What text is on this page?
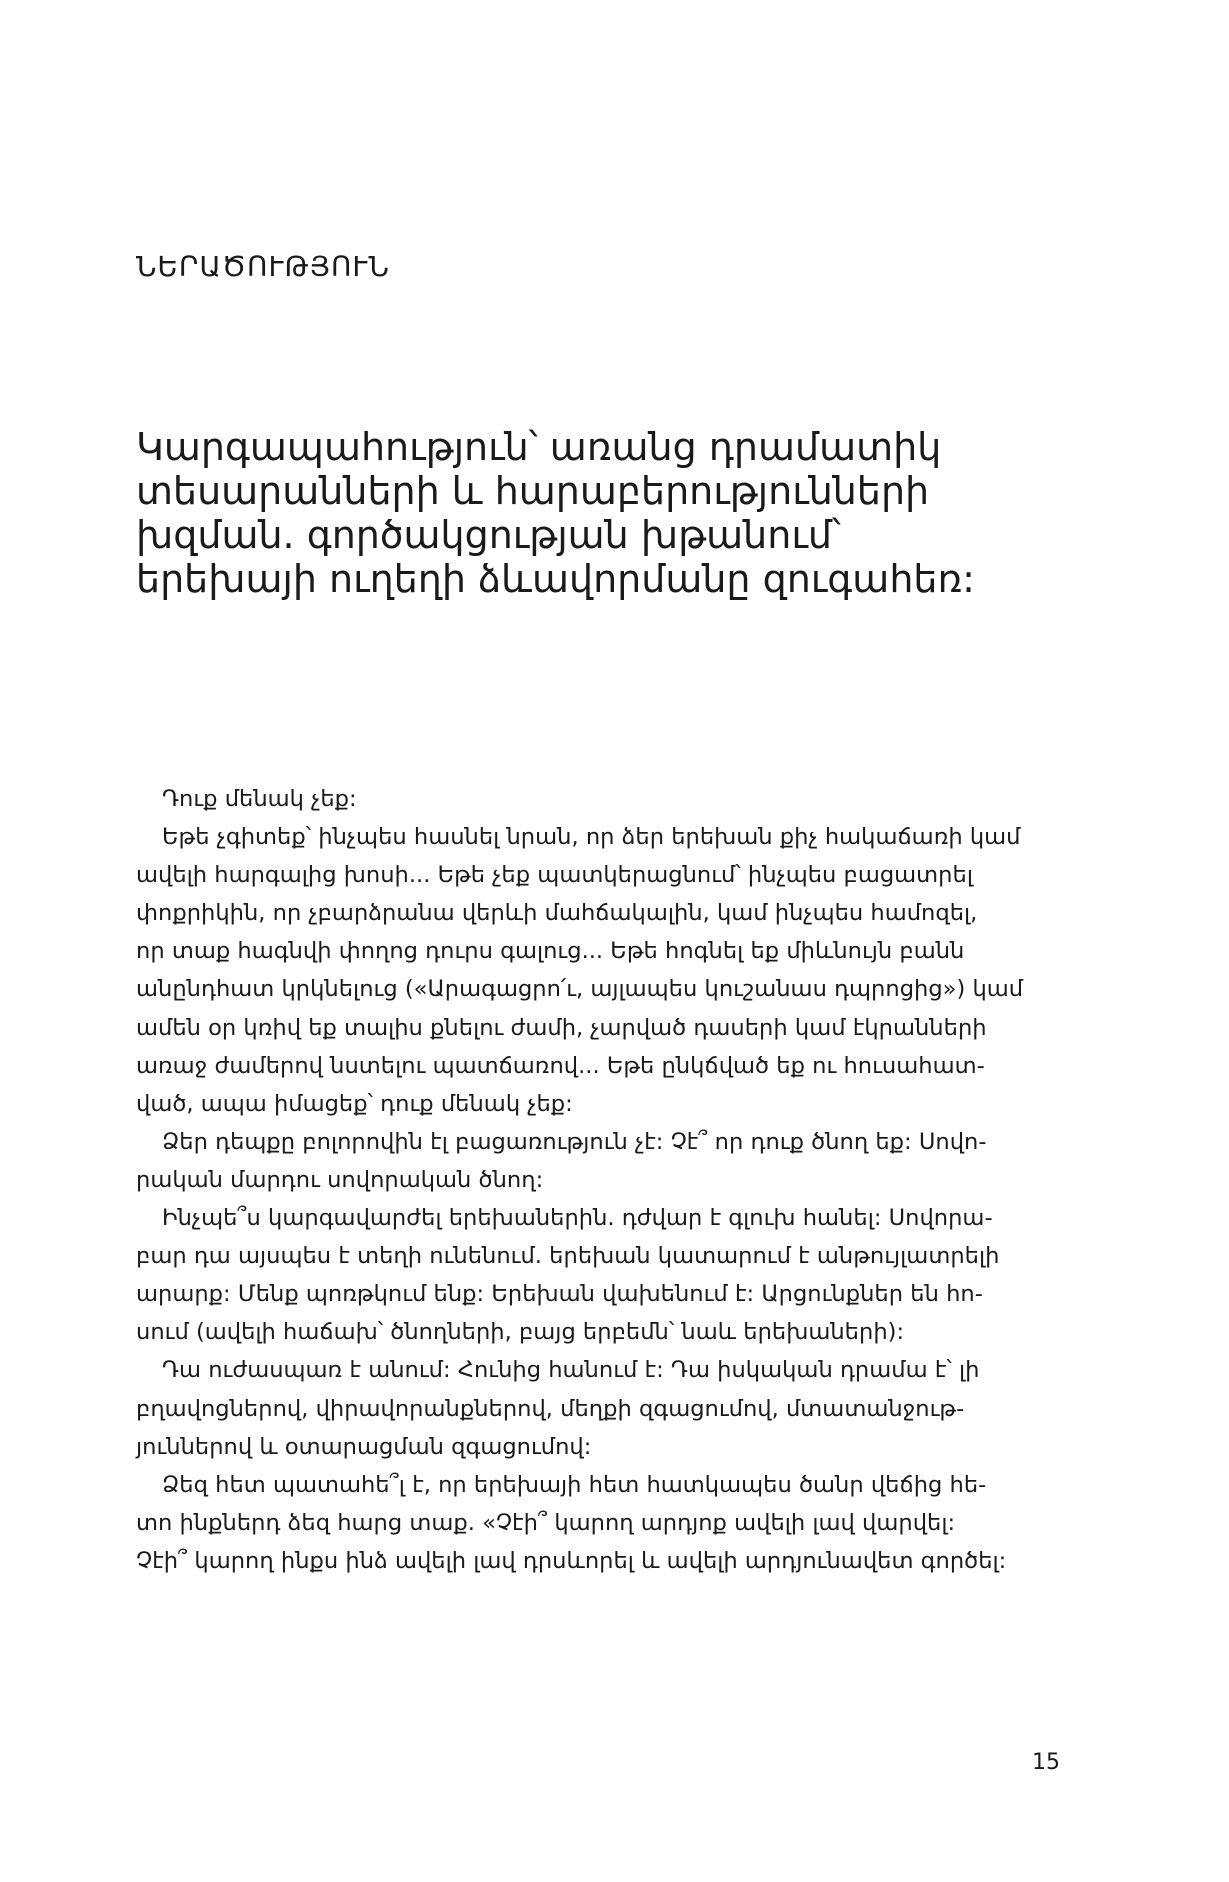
ՆԵՐԱԾՈՒԹՅՈՒՆ
Կարգապահություն՝ առանց դրամատիկ
տեսարանների և հարաբերությունների
խզման. գործակցության խթանում՝
երեխայի ուղեղի ձևավորմանը զուգահեռ:
Դուք մենակ չեք:
Եթե չգիտեք՝ ինչպես հասնել նրան, որ ձեր երեխան քիչ հակաճառի կամ
ավելի հարգալից խոսի... Եթե չեք պատկերացնում՝ ինչպես բացատրել
փոքրիկին, որ չբարձրանա վերևի մահճակալին, կամ ինչպես համոզել,
որ տաք հագնվի փողոց դուրս գալուց... Եթե հոգնել եք միևնույն բանն
անընդհատ կրկնելուց («Արագացրո՛ւ, այլապես կուշանաս դպրոցից») կամ
ամեն օր կռիվ եք տալիս քնելու ժամի, չարված դասերի կամ էկրանների
առաջ ժամերով նստելու պատճառով... Եթե ընկճված եք ու հուսահատ-
ված, ապա իմացեք՝ դուք մենակ չեք:
Ձեր դեպքը բոլորովին էլ բացառություն չէ: Չէ՞ որ դուք ծնող եք: Սովո-
րական մարդու սովորական ծնող:
Ինչպե՞ս կարգավարժել երեխաներին. դժվար է գլուխ հանել: Սովորա-
բար դա այսպես է տեղի ունենում. երեխան կատարում է անթույլատրելի
արարք: Մենք պոռթկում ենք: Երեխան վախենում է: Արցունքներ են հո-
սում (ավելի հաճախ՝ ծնողների, բայց երբեմն՝ նաև երեխաների):
Դա ուժասպառ է անում: Հունից հանում է: Դա իսկական դրամա է՝ լի
բղավոցներով, վիրավորանքներով, մեղքի զգացումով, մտատանջութ-
յուններով և օտարացման զգացումով:
Ձեզ հետ պատահե՞լ է, որ երեխայի հետ հատկապես ծանր վեճից հե-
տո ինքներդ ձեզ հարց տաք. «Չէի՞ կարող արդյոք ավելի լավ վարվել:
Չէի՞ կարող ինքս ինձ ավելի լավ դրսևորել և ավելի արդյունավետ գործել:
15
